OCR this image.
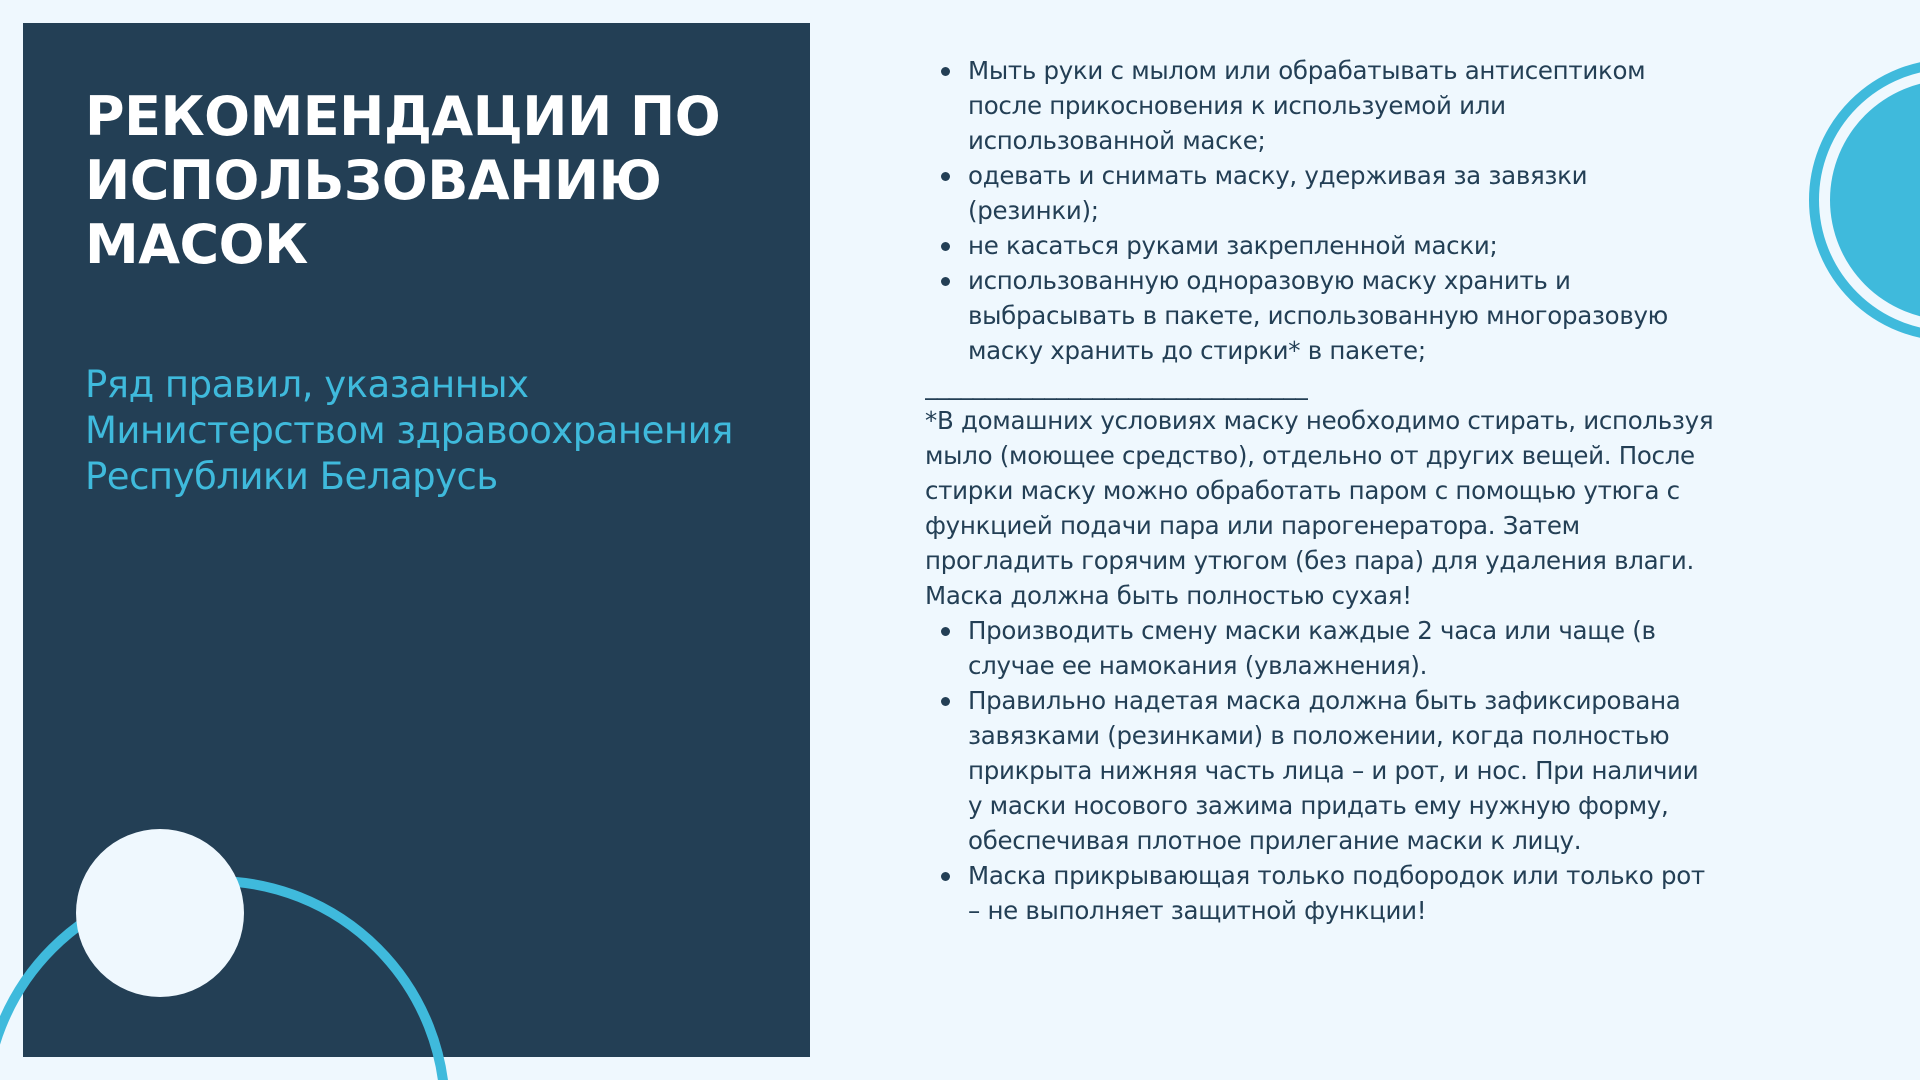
РЕКОМЕНДАЦИИ ПО ИСПОЛЬЗОВАНИЮ МАСОК

Ряд правил, указанных Министерством здравоохранения Республики Беларусь

Мыть руки с мылом или обрабатывать антисептиком после прикосновения к используемой или использованной маске;
одевать и снимать маску, удерживая за завязки (резинки);
не касаться руками закрепленной маски;
использованную одноразовую маску хранить и выбрасывать в пакете, использованную многоразовую маску хранить до стирки* в пакете;

________________________________

*В домашних условиях маску необходимо стирать, используя мыло (моющее средство), отдельно от других вещей. После стирки маску можно обработать паром с помощью утюга с функцией подачи пара или парогенератора. Затем прогладить горячим утюгом (без пара) для удаления влаги. Маска должна быть полностью сухая!

Производить смену маски каждые 2 часа или чаще (в случае ее намокания (увлажнения).
Правильно надетая маска должна быть зафиксирована завязками (резинками) в положении, когда полностью прикрыта нижняя часть лица – и рот, и нос. При наличии у маски носового зажима придать ему нужную форму, обеспечивая плотное прилегание маски к лицу.
Маска прикрывающая только подбородок или только рот – не выполняет защитной функции!
